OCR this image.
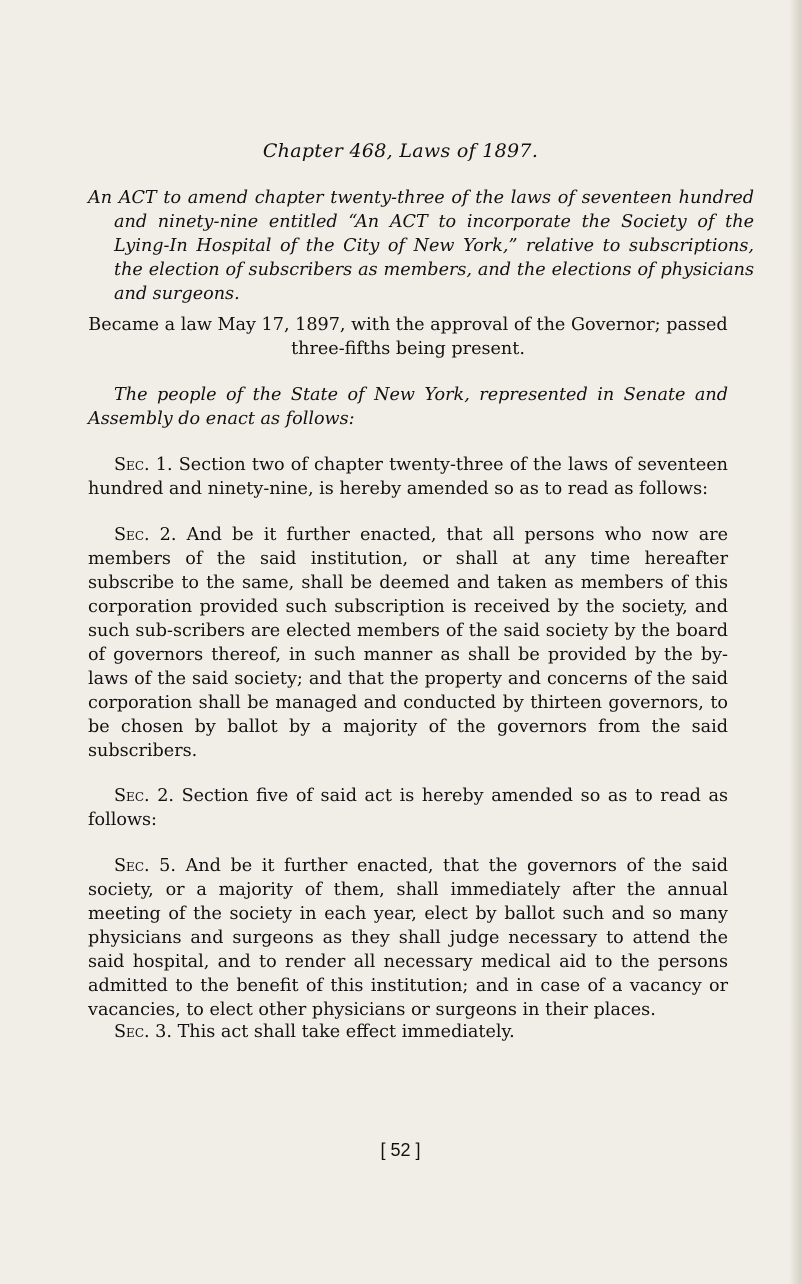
Chapter 468, Laws of 1897.

An ACT to amend chapter twenty-three of the laws of seventeen hundred and ninety-nine entitled “An ACT to incorporate the Society of the Lying-In Hospital of the City of New York,” relative to subscriptions, the election of subscribers as members, and the elections of physicians and surgeons.

Became a law May 17, 1897, with the approval of the Governor; passed three-fifths being present.

The people of the State of New York, represented in Senate and Assembly do enact as follows:

Sec. 1. Section two of chapter twenty-three of the laws of seventeen hundred and ninety-nine, is hereby amended so as to read as follows:

Sec. 2. And be it further enacted, that all persons who now are members of the said institution, or shall at any time hereafter subscribe to the same, shall be deemed and taken as members of this corporation provided such subscription is received by the society, and such sub-scribers are elected members of the said society by the board of governors thereof, in such manner as shall be provided by the by-laws of the said society; and that the property and concerns of the said corporation shall be managed and conducted by thirteen governors, to be chosen by ballot by a majority of the governors from the said subscribers.

Sec. 2. Section five of said act is hereby amended so as to read as follows:

Sec. 5. And be it further enacted, that the governors of the said society, or a majority of them, shall immediately after the annual meeting of the society in each year, elect by ballot such and so many physicians and surgeons as they shall judge necessary to attend the said hospital, and to render all necessary medical aid to the persons admitted to the benefit of this institution; and in case of a vacancy or vacancies, to elect other physicians or surgeons in their places.

Sec. 3. This act shall take effect immediately.

[ 52 ]
